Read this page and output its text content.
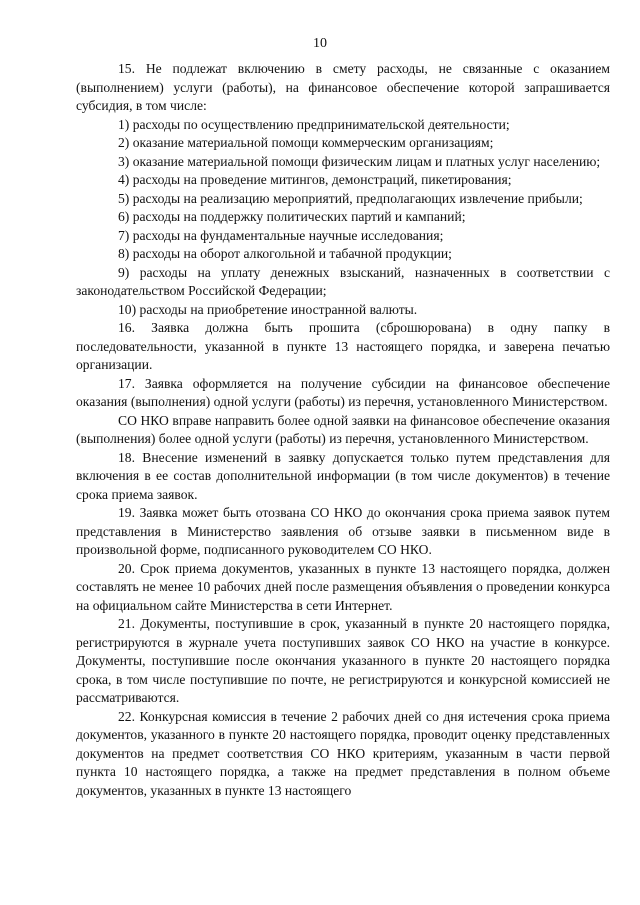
10

15. Не подлежат включению в смету расходы, не связанные с оказанием (выполнением) услуги (работы), на финансовое обеспечение которой запрашивается субсидия, в том числе:

1) расходы по осуществлению предпринимательской деятельности;

2) оказание материальной помощи коммерческим организациям;

3) оказание материальной помощи физическим лицам и платных услуг населению;

4) расходы на проведение митингов, демонстраций, пикетирования;

5) расходы на реализацию мероприятий, предполагающих извлечение прибыли;

6) расходы на поддержку политических партий и кампаний;

7) расходы на фундаментальные научные исследования;

8) расходы на оборот алкогольной и табачной продукции;

9) расходы на уплату денежных взысканий, назначенных в соответствии с законодательством Российской Федерации;

10) расходы на приобретение иностранной валюты.

16. Заявка должна быть прошита (сброшюрована) в одну папку в последовательности, указанной в пункте 13 настоящего порядка, и заверена печатью организации.

17. Заявка оформляется на получение субсидии на финансовое обеспечение оказания (выполнения) одной услуги (работы) из перечня, установленного Министерством.

СО НКО вправе направить более одной заявки на финансовое обеспечение оказания (выполнения) более одной услуги (работы) из перечня, установленного Министерством.

18. Внесение изменений в заявку допускается только путем представления для включения в ее состав дополнительной информации (в том числе документов) в течение срока приема заявок.

19. Заявка может быть отозвана СО НКО до окончания срока приема заявок путем представления в Министерство заявления об отзыве заявки в письменном виде в произвольной форме, подписанного руководителем СО НКО.

20. Срок приема документов, указанных в пункте 13 настоящего порядка, должен составлять не менее 10 рабочих дней после размещения объявления о проведении конкурса на официальном сайте Министерства в сети Интернет.

21. Документы, поступившие в срок, указанный в пункте 20 настоящего порядка, регистрируются в журнале учета поступивших заявок СО НКО на участие в конкурсе. Документы, поступившие после окончания указанного в пункте 20 настоящего порядка срока, в том числе поступившие по почте, не регистрируются и конкурсной комиссией не рассматриваются.

22. Конкурсная комиссия в течение 2 рабочих дней со дня истечения срока приема документов, указанного в пункте 20 настоящего порядка, проводит оценку представленных документов на предмет соответствия СО НКО критериям, указанным в части первой пункта 10 настоящего порядка, а также на предмет представления в полном объеме документов, указанных в пункте 13 настоящего
